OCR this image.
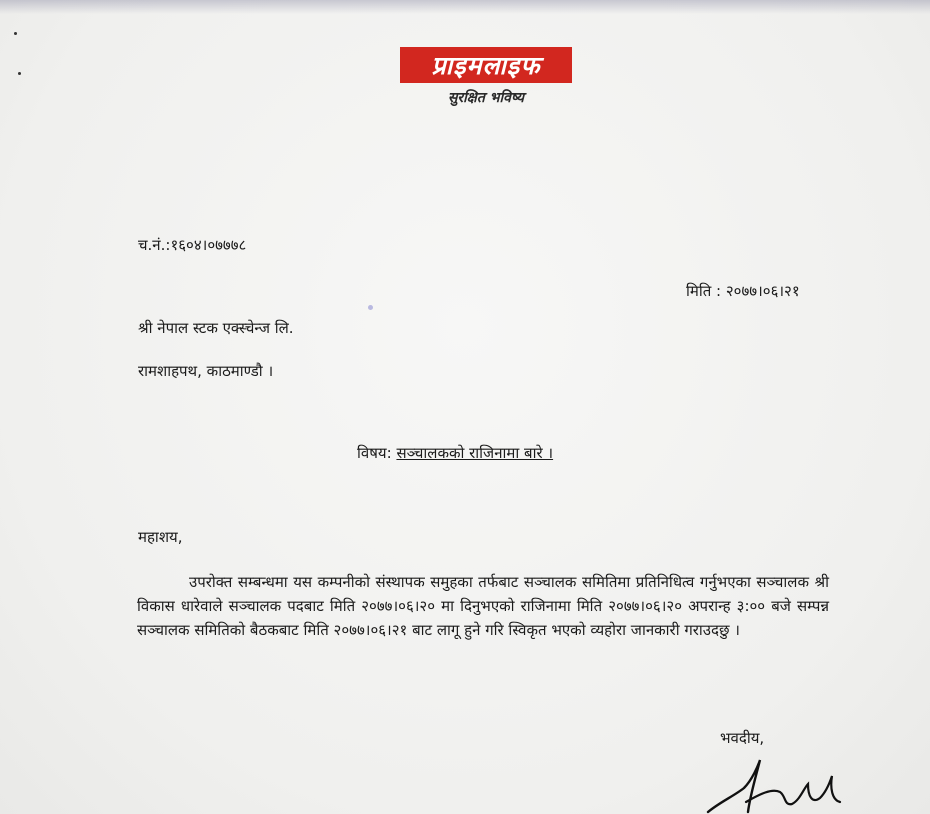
प्राइमलाइफ
सुरक्षित भविष्य
च.नं.:१६०४।०७७७८
मिति : २०७७।०६।२१
श्री नेपाल स्टक एक्स्चेन्ज लि.
रामशाहपथ, काठमाण्डौ ।
विषय: सञ्चालकको राजिनामा बारे ।
महाशय,
उपरोक्त सम्बन्धमा यस कम्पनीको संस्थापक समुहका तर्फबाट सञ्चालक समितिमा प्रतिनिधित्व गर्नुभएका सञ्चालक श्री विकास धारेवाले सञ्चालक पदबाट मिति २०७७।०६।२० मा दिनुभएको राजिनामा मिति २०७७।०६।२० अपरान्ह ३:०० बजे सम्पन्न सञ्चालक समितिको बैठकबाट मिति २०७७।०६।२१ बाट लागू हुने गरि स्विकृत भएको व्यहोरा जानकारी गराउदछु ।
भवदीय,
